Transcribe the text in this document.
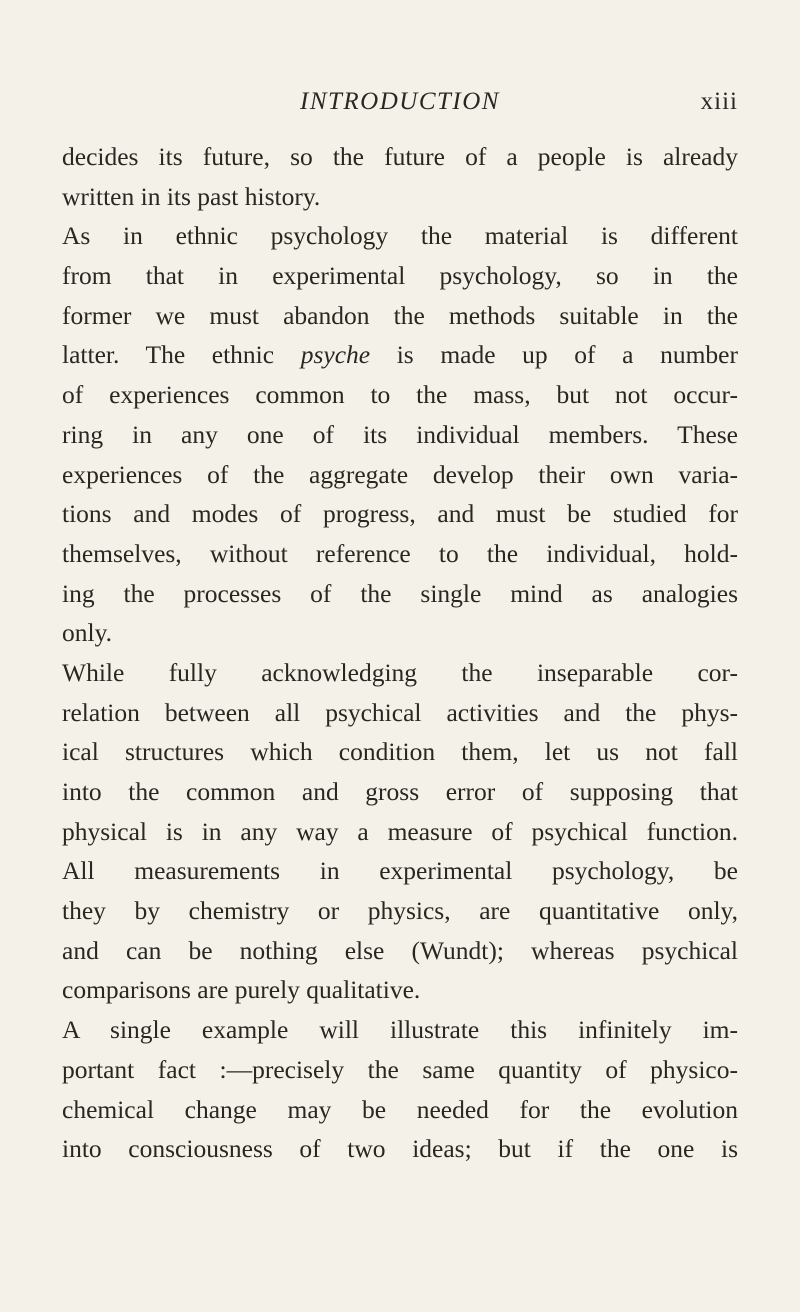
INTRODUCTION	xiii
decides its future, so the future of a people is already
written in its past history.
As in ethnic psychology the material is different
from that in experimental psychology, so in the
former we must abandon the methods suitable in the
latter. The ethnic psyche is made up of a number
of experiences common to the mass, but not occur-
ring in any one of its individual members. These
experiences of the aggregate develop their own varia-
tions and modes of progress, and must be studied for
themselves, without reference to the individual, hold-
ing the processes of the single mind as analogies
only.
While fully acknowledging the inseparable cor-
relation between all psychical activities and the phys-
ical structures which condition them, let us not fall
into the common and gross error of supposing that
physical is in any way a measure of psychical function.
All measurements in experimental psychology, be
they by chemistry or physics, are quantitative only,
and can be nothing else (Wundt); whereas psychical
comparisons are purely qualitative.
A single example will illustrate this infinitely im-
portant fact :—precisely the same quantity of physico-
chemical change may be needed for the evolution
into consciousness of two ideas; but if the one is
